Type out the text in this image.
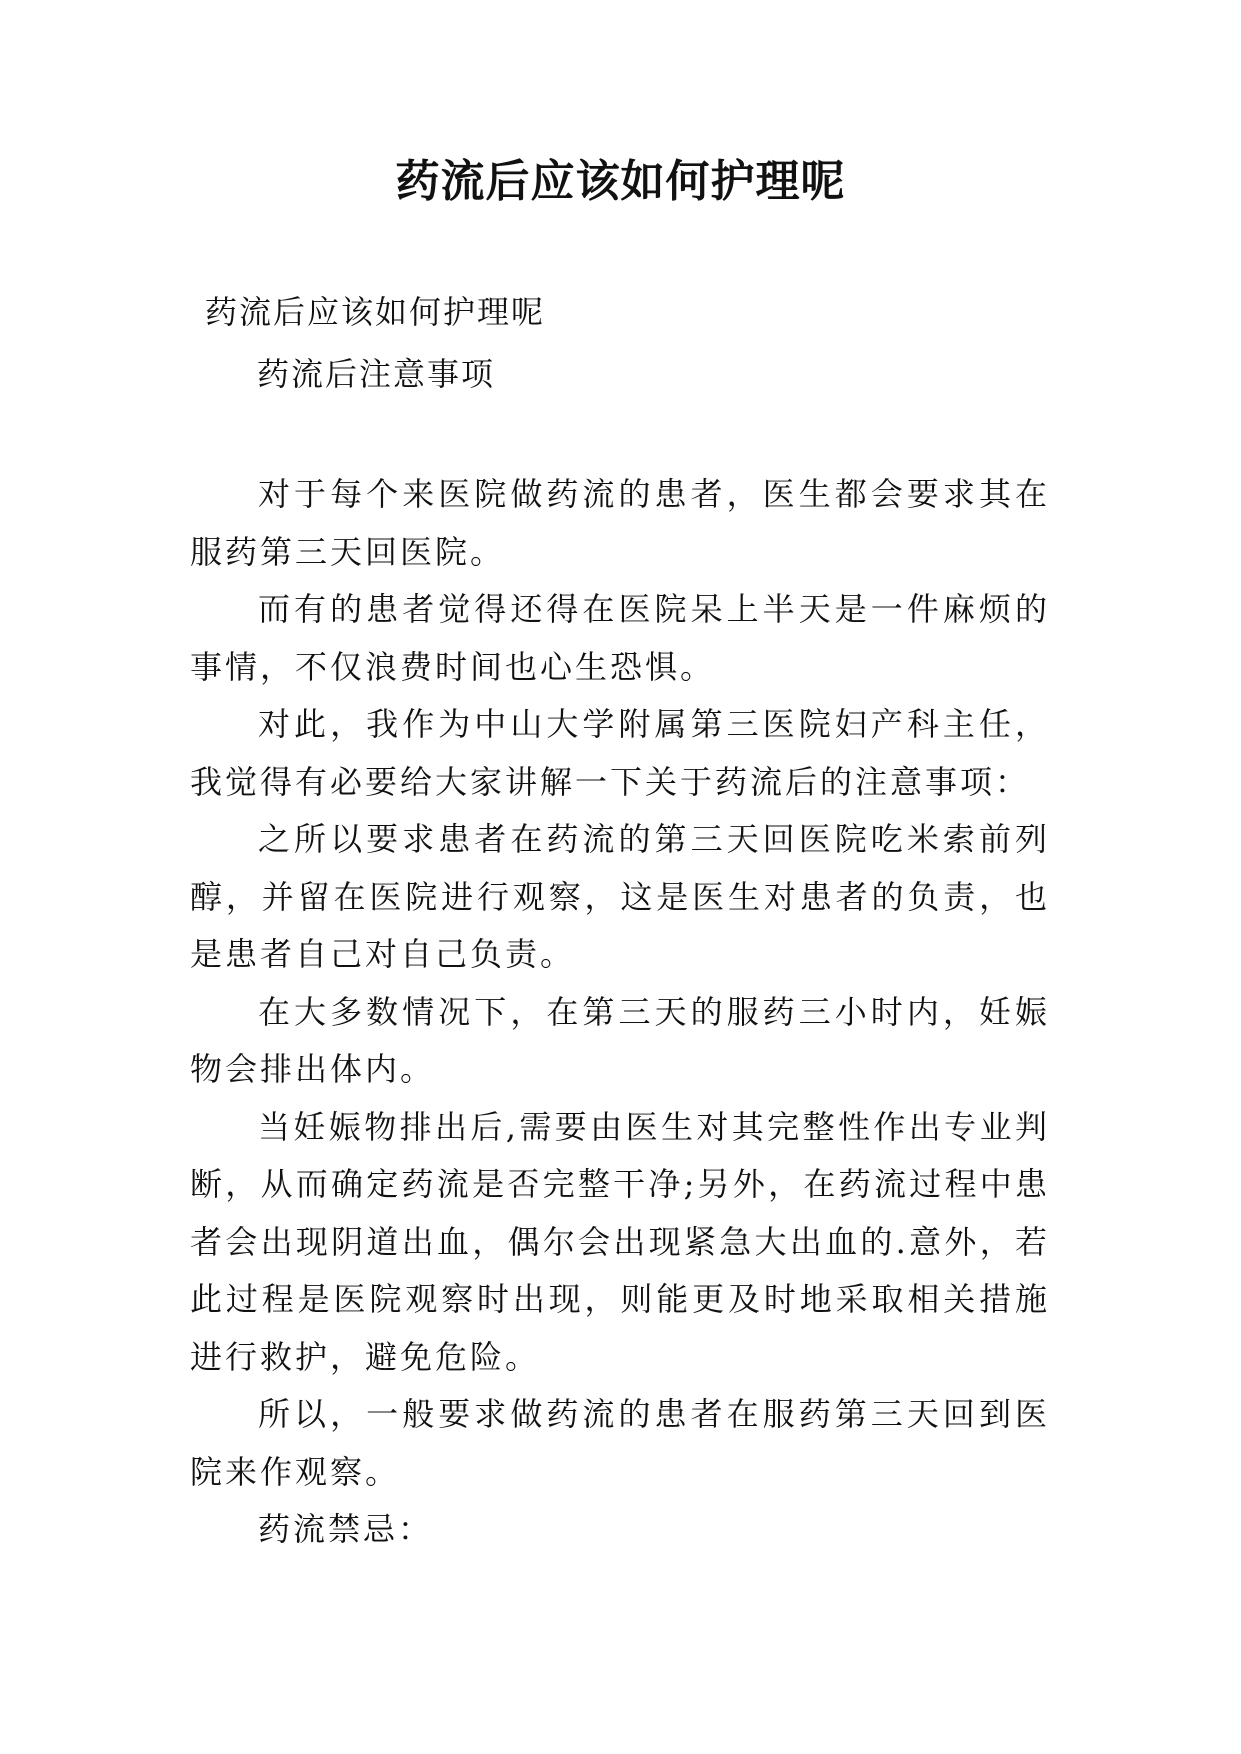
药流后应该如何护理呢

药流后应该如何护理呢

药流后注意事项

对于每个来医院做药流的患者，医生都会要求其在服药第三天回医院。

而有的患者觉得还得在医院呆上半天是一件麻烦的事情，不仅浪费时间也心生恐惧。

对此，我作为中山大学附属第三医院妇产科主任，我觉得有必要给大家讲解一下关于药流后的注意事项：

之所以要求患者在药流的第三天回医院吃米索前列醇，并留在医院进行观察，这是医生对患者的负责，也是患者自己对自己负责。

在大多数情况下，在第三天的服药三小时内，妊娠物会排出体内。

当妊娠物排出后,需要由医生对其完整性作出专业判断，从而确定药流是否完整干净;另外，在药流过程中患者会出现阴道出血，偶尔会出现紧急大出血的.意外，若此过程是医院观察时出现，则能更及时地采取相关措施进行救护，避免危险。

所以，一般要求做药流的患者在服药第三天回到医院来作观察。

药流禁忌：
